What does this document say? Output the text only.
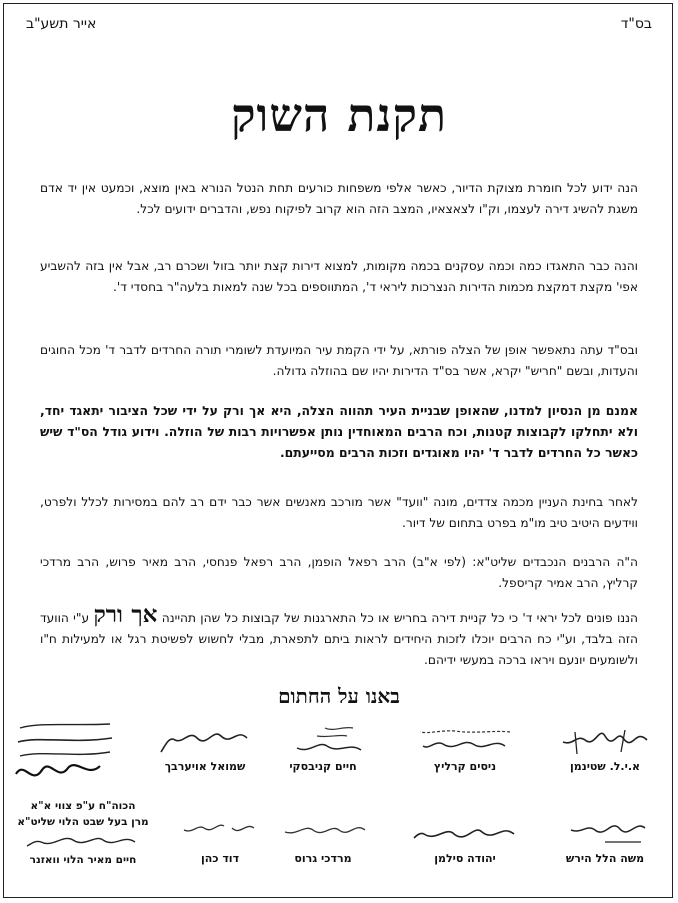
בס"ד
אייר תשע"ב
תקנת השוק
הנה ידוע לכל חומרת מצוקת הדיור, כאשר אלפי משפחות כורעים תחת הנטל הנורא באין מוצא, וכמעט אין יד אדם משגת להשיג דירה לעצמו, וק"ו לצאצאיו, המצב הזה הוא קרוב לפיקוח נפש, והדברים ידועים לכל.
והנה כבר התאגדו כמה וכמה עסקנים בכמה מקומות, למצוא דירות קצת יותר בזול ושכרם רב, אבל אין בזה להשביע אפי' מקצת דמקצת מכמות הדירות הנצרכות ליראי ד', המתווספים בכל שנה למאות בלעה"ר בחסדי ד'.
ובס"ד עתה נתאפשר אופן של הצלה פורתא, על ידי הקמת עיר המיועדת לשומרי תורה החרדים לדבר ד' מכל החוגים והעדות, ובשם "חריש" יקרא, אשר בס"ד הדירות יהיו שם בהוזלה גדולה.
אמנם מן הנסיון למדנו, שהאופן שבניית העיר תהווה הצלה, היא אך ורק על ידי שכל הציבור יתאגד יחד, ולא יתחלקו לקבוצות קטנות, וכח הרבים המאוחדין נותן אפשרויות רבות של הוזלה. וידוע גודל הס"ד שיש כאשר כל החרדים לדבר ד' יהיו מאוגדים וזכות הרבים מסייעתם.
לאחר בחינת העניין מכמה צדדים, מונה "וועד" אשר מורכב מאנשים אשר כבר ידם רב להם במסירות לכלל ולפרט, ווידעים היטיב טיב מו"מ בפרט בתחום של דיור.
ה"ה הרבנים הנכבדים שליט"א: (לפי א"ב) הרב רפאל הופמן, הרב רפאל פנחסי, הרב מאיר פרוש, הרב מרדכי קרליץ, הרב אמיר קריספל.
הננו פונים לכל יראי ד' כי כל קניית דירה בחריש או כל התארגנות של קבוצות כל שהן תהיינה אך ורק ע"י הוועד הזה בלבד, וע"י כח הרבים יוכלו לזכות היחידים לראות ביתם לתפארת, מבלי לחשוש לפשיטת רגל או למעילות ח"ו ולשומעים יונעם ויראו ברכה במעשי ידיהם.
באנו על החתום
א.י.ל. שטינמן
ניסים קרליץ
חיים קניבסקי
שמואל אויערבך
משה הלל הירש
יהודה סילמן
מרדכי גרוס
דוד כהן
הכוה"ח ע"פ צווי א"א
מרן בעל שבט הלוי שליט"א
חיים מאיר הלוי וואזנר
